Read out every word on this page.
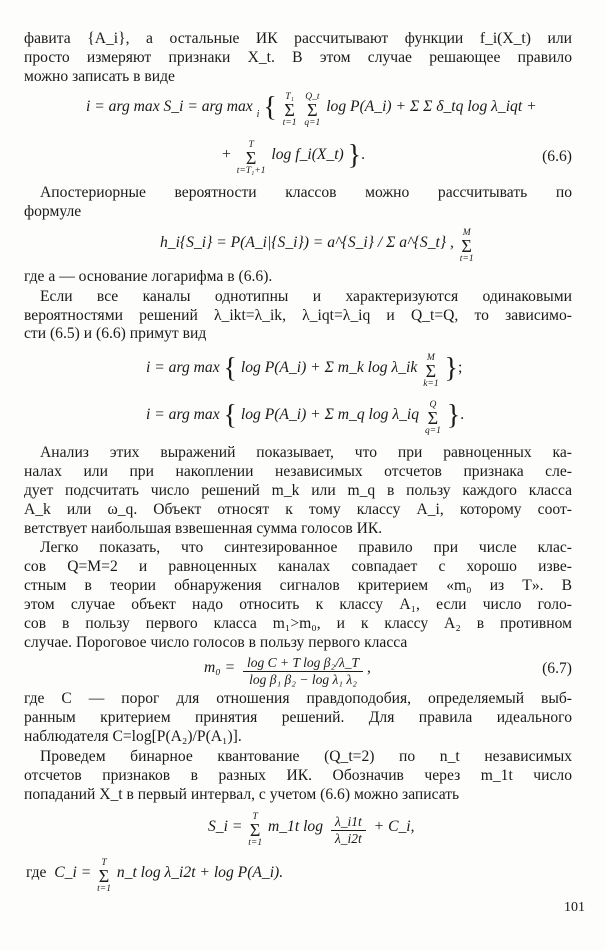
фавита {A_i}, а остальные ИК рассчитывают функции f_i(X_t) или
просто измеряют признаки X_t. В этом случае решающее правило
можно записать в виде
i = arg max S_i = arg max i { T₁
Σ
t=1

Q_t
Σ
q=1
log P(A_i) + Σ Σ δ_tq log λ_iqt +
+
T
Σ
t=T₁+1
log f_i(X_t) }.	(6.6)
Апостериорные вероятности классов можно рассчитывать по
формуле
h_i{S_i} = P(A_i|{S_i}) = a^{S_i} / Σ a^{S_t} ,
M
Σ
t=1
где a — основание логарифма в (6.6).
Если все каналы однотипны и характеризуются одинаковыми
вероятностями решений λ_ikt=λ_ik, λ_iqt=λ_iq и Q_t=Q, то зависимо-
сти (6.5) и (6.6) примут вид
i = arg max { log P(A_i) + Σ m_k log λ_ik
M
Σ
k=1 };
i = arg max { log P(A_i) + Σ m_q log λ_iq
Q
Σ
q=1 }.
Анализ этих выражений показывает, что при равноценных ка-
налах или при накоплении независимых отсчетов признака сле-
дует подсчитать число решений m_k или m_q в пользу каждого класса
A_k или ω_q. Объект относят к тому классу A_i, которому соот-
ветствует наибольшая взвешенная сумма голосов ИК.
Легко показать, что синтезированное правило при числе клас-
сов Q=M=2 и равноценных каналах совпадает с хорошо изве-
стным в теории обнаружения сигналов критерием «m₀ из T». В
этом случае объект надо относить к классу A₁, если число голо-
сов в пользу первого класса m₁>m₀, и к классу A₂ в противном
случае. Пороговое число голосов в пользу первого класса
$m_0 = \frac{\text{log C + T log β₂/λ\_T}}{\text{log β₁ β₂ − log λ₁ λ₂}}$ ,	(6.7)
где C — порог для отношения правдоподобия, определяемый выб-
ранным критерием принятия решений. Для правила идеального
наблюдателя C=log[P(A₂)/P(A₁)].
Проведем бинарное квантование (Q_t=2) по n_t независимых
отсчетов признаков в разных ИК. Обозначив через m_1t число
попаданий X_t в первый интервал, с учетом (6.6) можно записать
S_i =
T
Σ
t=1
m_1t $\log \frac{\lambda\_i1t}{\lambda\_i2t}$ + C_i,
где C_i =
T
Σ
t=1
n_t log λ_i2t + log P(A_i).
101
